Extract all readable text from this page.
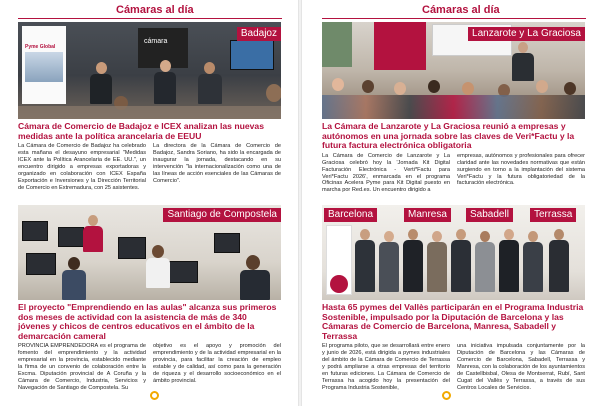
Cámaras al día
Pyme Global
cámara
Badajoz
Cámara de Comercio de Badajoz e ICEX analizan las nuevas medidas ante la política arancelaria de EEUU
La Cámara de Comercio de Badajoz ha celebrado esta mañana el desayuno empresarial "Medidas ICEX ante la Política Arancelaria de EE. UU.", un encuentro dirigido a empresas exportadoras y organizado en colaboración con ICEX España Exportación e Inversiones y la Dirección Territorial de Comercio en Extremadura, con 25 asistentes.
La directora de la Cámara de Comercio de Badajoz, Sandra Soriano, ha sido la encargada de inaugurar la jornada, destacando en su intervención "la internacionalización como una de las líneas de acción esenciales de las Cámaras de Comercio".
Santiago de Compostela
El proyecto "Emprendiendo en las aulas" alcanza sus primeros dos meses de actividad con la asistencia de más de 340 jóvenes y chicos de centros educativos en el ámbito de la demarcación cameral
PROVINCIA EMPRENDEDORA es el programa de fomento del emprendimiento y la actividad empresarial en la provincia, establecido mediante la firma de un convenio de colaboración entre la Excma. Diputación provincial de A Coruña y la Cámara de Comercio, Industria, Servicios y Navegación de Santiago de Compostela. Su
objetivo es el apoyo y promoción del emprendimiento y de la actividad empresarial en la provincia, para facilitar la creación de empleo estable y de calidad, así como para la generación de riqueza y el desarrollo socioeconómico en el ámbito provincial.
Cámaras al día
Lanzarote y La Graciosa
La Cámara de Lanzarote y La Graciosa reunió a empresas y autónomos en una jornada sobre las claves de Veri*Factu y la futura factura electrónica obligatoria
La Cámara de Comercio de Lanzarote y La Graciosa celebró hoy la 'Jornada Kit Digital Facturación Electrónica - Verti*Factu para Veri*Factu 2026', enmarcada en el programa Oficinas Acelera Pyme para Kit Digital puesto en marcha por Red.es. Un encuentro dirigido a
empresas, autónomos y profesionales para ofrecer claridad ante las novedades normativas que están surgiendo en torno a la implantación del sistema Veri*Factu y la futura obligatoriedad de la facturación electrónica.
Barcelona	Manresa	Sabadell	Terrassa
Hasta 65 pymes del Vallès participarán en el Programa Industria Sostenible, impulsado por la Diputación de Barcelona y las Cámaras de Comercio de Barcelona, Manresa, Sabadell y Terrassa
El programa piloto, que se desarrollará entre enero y junio de 2026, está dirigida a pymes industriales del ámbito de la Cámara de Comercio de Terrassa y podrá ampliarse a otras empresas del territorio en futuras ediciones. La Cámara de Comercio de Terrassa ha acogido hoy la presentación del Programa Industria Sostenible,
una iniciativa impulsada conjuntamente por la Diputación de Barcelona y las Cámaras de Comercio de Barcelona, Sabadell, Terrassa y Manresa, con la colaboración de los ayuntamientos de Castellbisbal, Olesa de Montserrat, Rubí, Sant Cugat del Vallès y Terrassa, a través de sus Centros Locales de Servicios.
